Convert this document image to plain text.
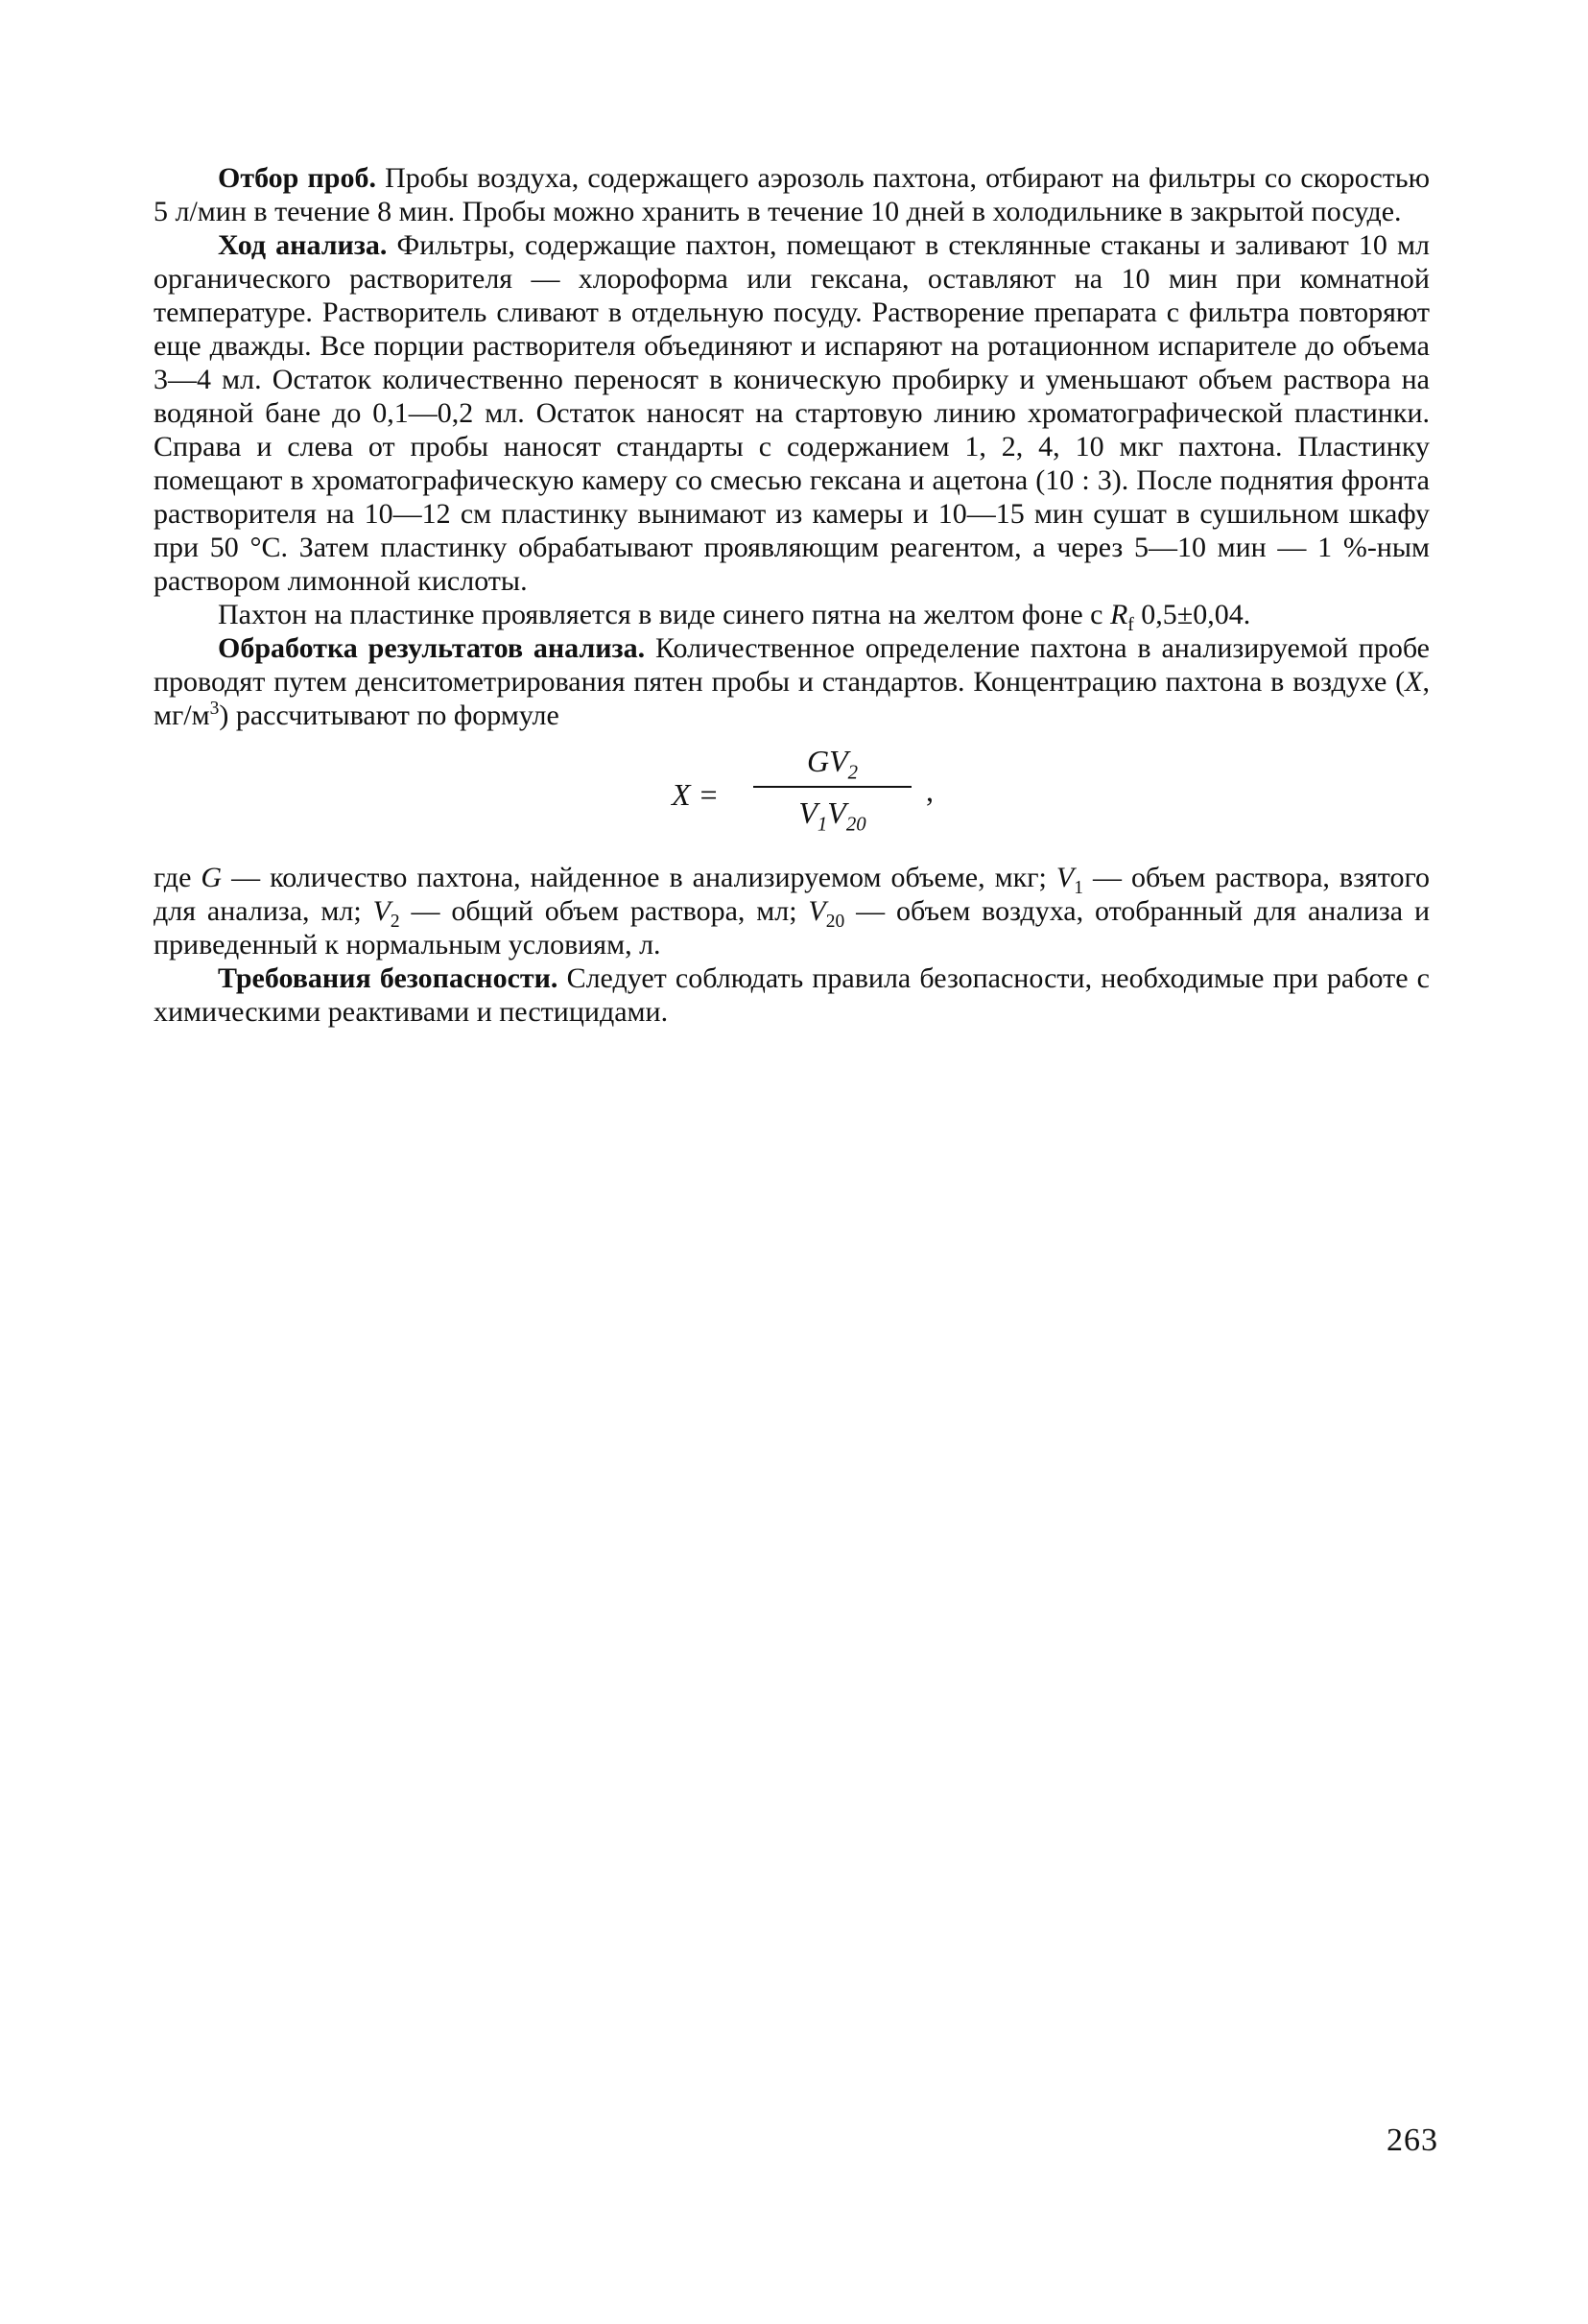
Отбор проб. Пробы воздуха, содержащего аэрозоль пахтона, отбирают на фильтры со скоростью 5 л/мин в течение 8 мин. Пробы можно хранить в течение 10 дней в холодильнике в закрытой посуде.

Ход анализа. Фильтры, содержащие пахтон, помещают в стеклянные стаканы и заливают 10 мл органического растворителя — хлороформа или гексана, оставляют на 10 мин при комнатной температуре. Растворитель сливают в отдельную посуду. Растворение препарата с фильтра повторяют еще дважды. Все порции растворителя объединяют и испаряют на ротационном испарителе до объема 3—4 мл. Остаток количественно переносят в коническую пробирку и уменьшают объем раствора на водяной бане до 0,1—0,2 мл. Остаток наносят на стартовую линию хроматографической пластинки. Справа и слева от пробы наносят стандарты с содержанием 1, 2, 4, 10 мкг пахтона. Пластинку помещают в хроматографическую камеру со смесью гексана и ацетона (10 : 3). После поднятия фронта растворителя на 10—12 см пластинку вынимают из камеры и 10—15 мин сушат в сушильном шкафу при 50 °С. Затем пластинку обрабатывают проявляющим реагентом, а через 5—10 мин — 1 %-ным раствором лимонной кислоты.

Пахтон на пластинке проявляется в виде синего пятна на желтом фоне с $R_f$ 0,5±0,04.

Обработка результатов анализа. Количественное определение пахтона в анализируемой пробе проводят путем денситометрирования пятен пробы и стандартов. Концентрацию пахтона в воздухе (X, $мг/м^3$) рассчитывают по формуле

X =
$GV_2$
$V_1V_{20}$
,

где G — количество пахтона, найденное в анализируемом объеме, мкг; $V_1$ — объем раствора, взятого для анализа, мл; $V_2$ — общий объем раствора, мл; $V_{20}$ — объем воздуха, отобранный для анализа и приведенный к нормальным условиям, л.

Требования безопасности. Следует соблюдать правила безопасности, необходимые при работе с химическими реактивами и пестицидами.

263
